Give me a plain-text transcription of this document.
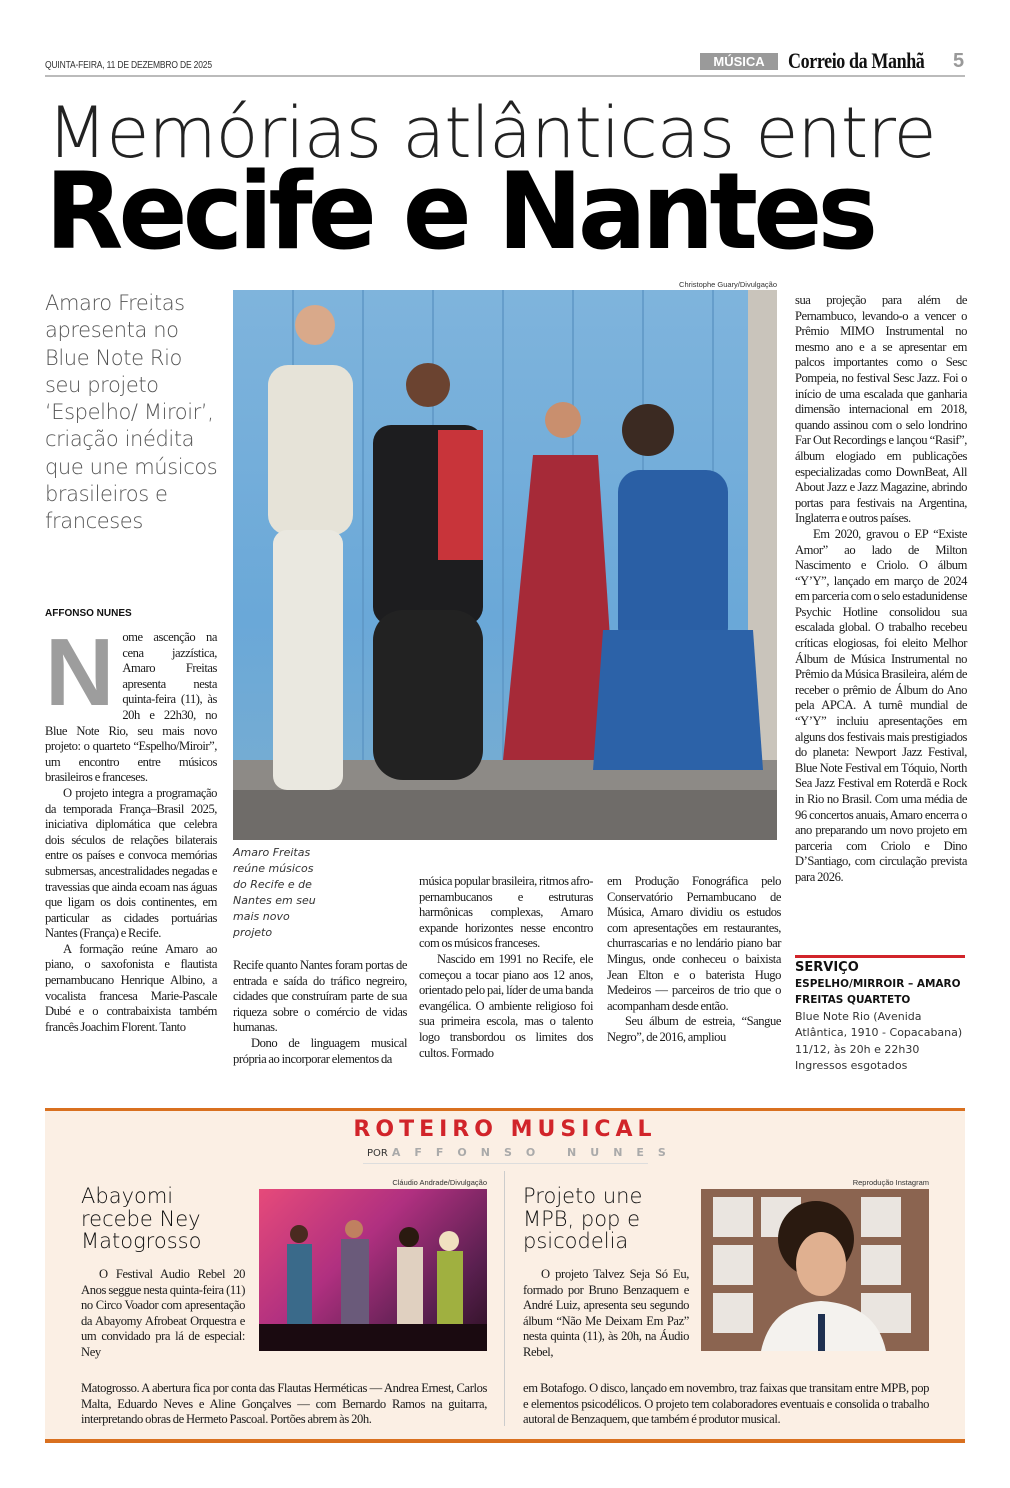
QUINTA-FEIRA, 11 DE DEZEMBRO DE 2025	MÚSICA	Correio da Manhã 5
Memórias atlânticas entre
Recife e Nantes
Amaro Freitas apresenta no Blue Note Rio seu projeto ‘Espelho/ Miroir’, criação inédita que une músicos brasileiros e franceses
AFFONSO NUNES
N ome ascenção na cena jazzística, Amaro Freitas apresenta nesta quinta-feira (11), às 20h e 22h30, no Blue Note Rio, seu mais novo projeto: o quarteto “Espelho/Miroir”, um encontro entre músicos brasileiros e franceses.

O projeto integra a programação da temporada França–Brasil 2025, iniciativa diplomática que celebra dois séculos de relações bilaterais entre os países e convoca memórias submersas, ancestralidades negadas e travessias que ainda ecoam nas águas que ligam os dois continentes, em particular as cidades portuárias Nantes (França) e Recife.

A formação reúne Amaro ao piano, o saxofonista e flautista pernambucano Henrique Albino, a vocalista francesa Marie-Pascale Dubé e o contrabaixista também francês Joachim Florent. Tanto

Christophe Guary/Divulgação
Amaro Freitas reúne músicos do Recife e de Nantes em seu mais novo projeto

Recife quanto Nantes foram portas de entrada e saída do tráfico negreiro, cidades que construíram parte de sua riqueza sobre o comércio de vidas humanas.

Dono de linguagem musical própria ao incorporar elementos da

música popular brasileira, ritmos afro-pernambucanos e estruturas harmônicas complexas, Amaro expande horizontes nesse encontro com os músicos franceses.

Nascido em 1991 no Recife, ele começou a tocar piano aos 12 anos, orientado pelo pai, líder de uma banda evangélica. O ambiente religioso foi sua primeira escola, mas o talento logo transbordou os limites dos cultos. Formado

em Produção Fonográfica pelo Conservatório Pernambucano de Música, Amaro dividiu os estudos com apresentações em restaurantes, churrascarias e no lendário piano bar Mingus, onde conheceu o baixista Jean Elton e o baterista Hugo Medeiros — parceiros de trio que o acompanham desde então.

Seu álbum de estreia, “Sangue Negro”, de 2016, ampliou

sua projeção para além de Pernambuco, levando-o a vencer o Prêmio MIMO Instrumental no mesmo ano e a se apresentar em palcos importantes como o Sesc Pompeia, no festival Sesc Jazz. Foi o início de uma escalada que ganharia dimensão internacional em 2018, quando assinou com o selo londrino Far Out Recordings e lançou “Rasif”, álbum elogiado em publicações especializadas como DownBeat, All About Jazz e Jazz Magazine, abrindo portas para festivais na Argentina, Inglaterra e outros países.

Em 2020, gravou o EP “Existe Amor” ao lado de Milton Nascimento e Criolo. O álbum “Y’Y”, lançado em março de 2024 em parceria com o selo estadunidense Psychic Hotline consolidou sua escalada global. O trabalho recebeu críticas elogiosas, foi eleito Melhor Álbum de Música Instrumental no Prêmio da Música Brasileira, além de receber o prêmio de Álbum do Ano pela APCA. A turnê mundial de “Y’Y” incluiu apresentações em alguns dos festivais mais prestigiados do planeta: Newport Jazz Festival, Blue Note Festival em Tóquio, North Sea Jazz Festival em Roterdã e Rock in Rio no Brasil. Com uma média de 96 concertos anuais, Amaro encerra o ano preparando um novo projeto em parceria com Criolo e Dino D’Santiago, com circulação prevista para 2026.

SERVIÇO
ESPELHO/MIRROIR – AMARO FREITAS QUARTETO
Blue Note Rio (Avenida Atlântica, 1910 - Copacabana)
11/12, às 20h e 22h30
Ingressos esgotados
ROTEIRO MUSICAL
POR AFFONSO NUNES
Abayomi recebe Ney Matogrosso
Cláudio Andrade/Divulgação

O Festival Audio Rebel 20 Anos seggue nesta quinta-feira (11) no Circo Voador com apresentação da Abayomy Afrobeat Orquestra e um convidado pra lá de especial: Ney

Matogrosso. A abertura fica por conta das Flautas Herméticas — Andrea Ernest, Carlos Malta, Eduardo Neves e Aline Gonçalves — com Bernardo Ramos na guitarra, interpretando obras de Hermeto Pascoal. Portões abrem às 20h.

Projeto une MPB, pop e psicodelia
Reprodução Instagram

O projeto Talvez Seja Só Eu, formado por Bruno Benzaquem e André Luiz, apresenta seu segundo álbum “Não Me Deixam Em Paz” nesta quinta (11), às 20h, na Áudio Rebel,

em Botafogo. O disco, lançado em novembro, traz faixas que transitam entre MPB, pop e elementos psicodélicos. O projeto tem colaboradores eventuais e consolida o trabalho autoral de Benzaquem, que também é produtor musical.
